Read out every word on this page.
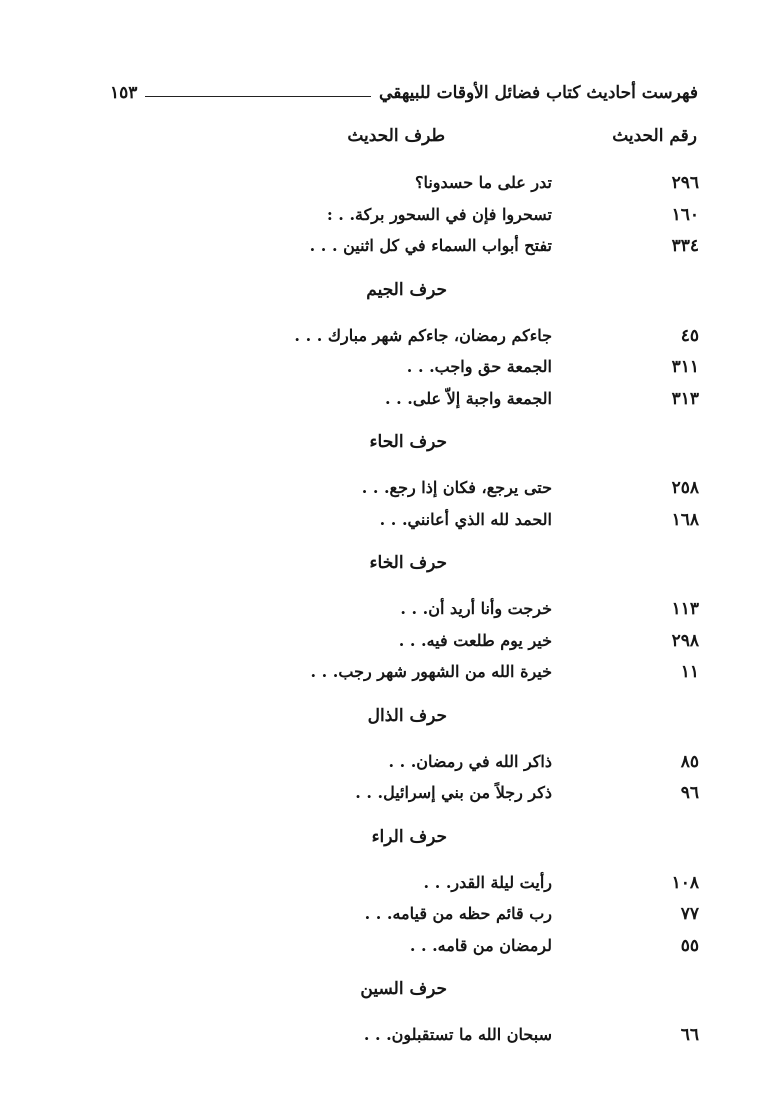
فهرست أحاديث كتاب فضائل الأوقات للبيهقي
١٥٣
رقم الحديث
طرف الحديث
٢٩٦
تدر على ما حسدونا؟
١٦٠
تسحروا فإن في السحور بركة. . :
٣٣٤
تفتح أبواب السماء في كل اثنين . . .
حرف الجيم
٤٥
جاءكم رمضان، جاءكم شهر مبارك . . .
٣١١
الجمعة حق واجب. . .
٣١٣
الجمعة واجبة إلاّ على. . .
حرف الحاء
٢٥٨
حتى يرجع، فكان إذا رجع. . .
١٦٨
الحمد لله الذي أعانني. . .
حرف الخاء
١١٣
خرجت وأنا أريد أن. . .
٢٩٨
خير يوم طلعت فيه. . .
١١
خيرة الله من الشهور شهر رجب. . .
حرف الذال
٨٥
ذاكر الله في رمضان. . .
٩٦
ذكر رجلاً من بني إسرائيل. . .
حرف الراء
١٠٨
رأيت ليلة القدر. . .
٧٧
رب قائم حظه من قيامه. . .
٥٥
لرمضان من قامه. . .
حرف السين
٦٦
سبحان الله ما تستقبلون. . .
